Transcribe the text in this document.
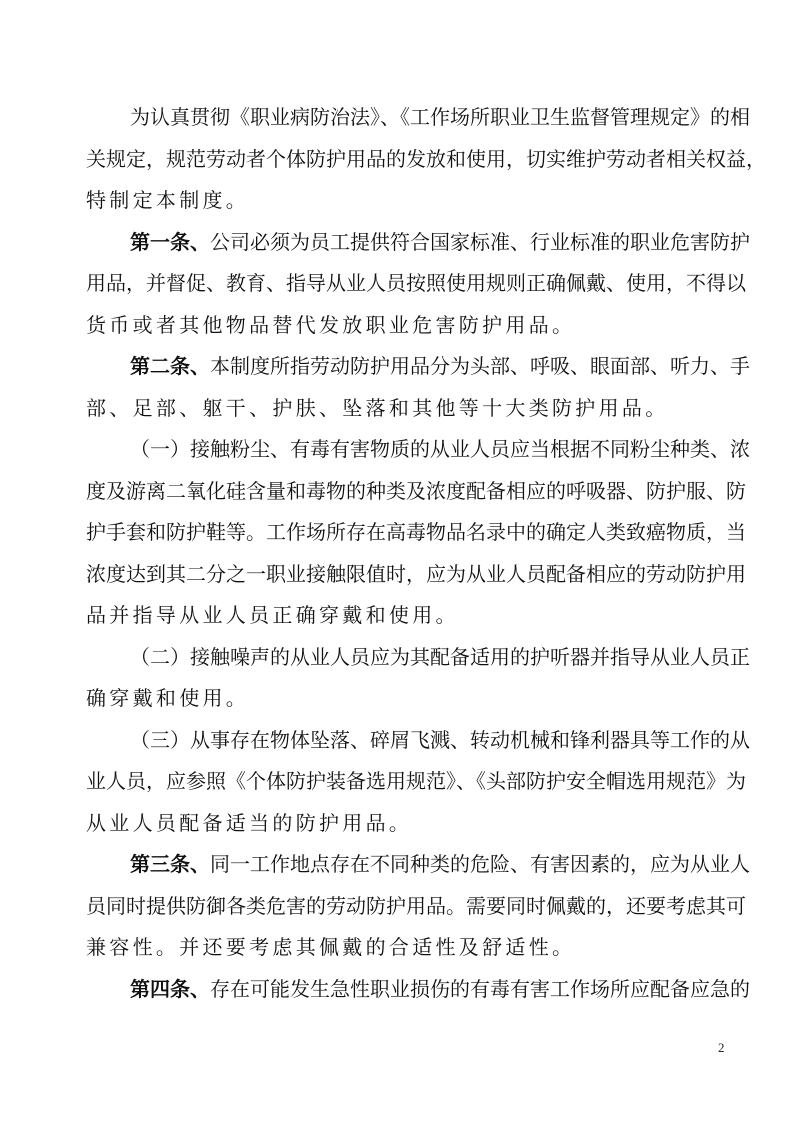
为认真贯彻《职业病防治法》、《工作场所职业卫生监督管理规定》的相
关规定，规范劳动者个体防护用品的发放和使用，切实维护劳动者相关权益，
特制定本制度。
第一条、公司必须为员工提供符合国家标准、行业标准的职业危害防护
用品，并督促、教育、指导从业人员按照使用规则正确佩戴、使用，不得以
货币或者其他物品替代发放职业危害防护用品。
第二条、本制度所指劳动防护用品分为头部、呼吸、眼面部、听力、手
部、足部、躯干、护肤、坠落和其他等十大类防护用品。
（一）接触粉尘、有毒有害物质的从业人员应当根据不同粉尘种类、浓
度及游离二氧化硅含量和毒物的种类及浓度配备相应的呼吸器、防护服、防
护手套和防护鞋等。工作场所存在高毒物品名录中的确定人类致癌物质，当
浓度达到其二分之一职业接触限值时，应为从业人员配备相应的劳动防护用
品并指导从业人员正确穿戴和使用。
（二）接触噪声的从业人员应为其配备适用的护听器并指导从业人员正
确穿戴和使用。
（三）从事存在物体坠落、碎屑飞溅、转动机械和锋利器具等工作的从
业人员，应参照《个体防护装备选用规范》、《头部防护安全帽选用规范》为
从业人员配备适当的防护用品。
第三条、同一工作地点存在不同种类的危险、有害因素的，应为从业人
员同时提供防御各类危害的劳动防护用品。需要同时佩戴的，还要考虑其可
兼容性。并还要考虑其佩戴的合适性及舒适性。
第四条、存在可能发生急性职业损伤的有毒有害工作场所应配备应急的
2
